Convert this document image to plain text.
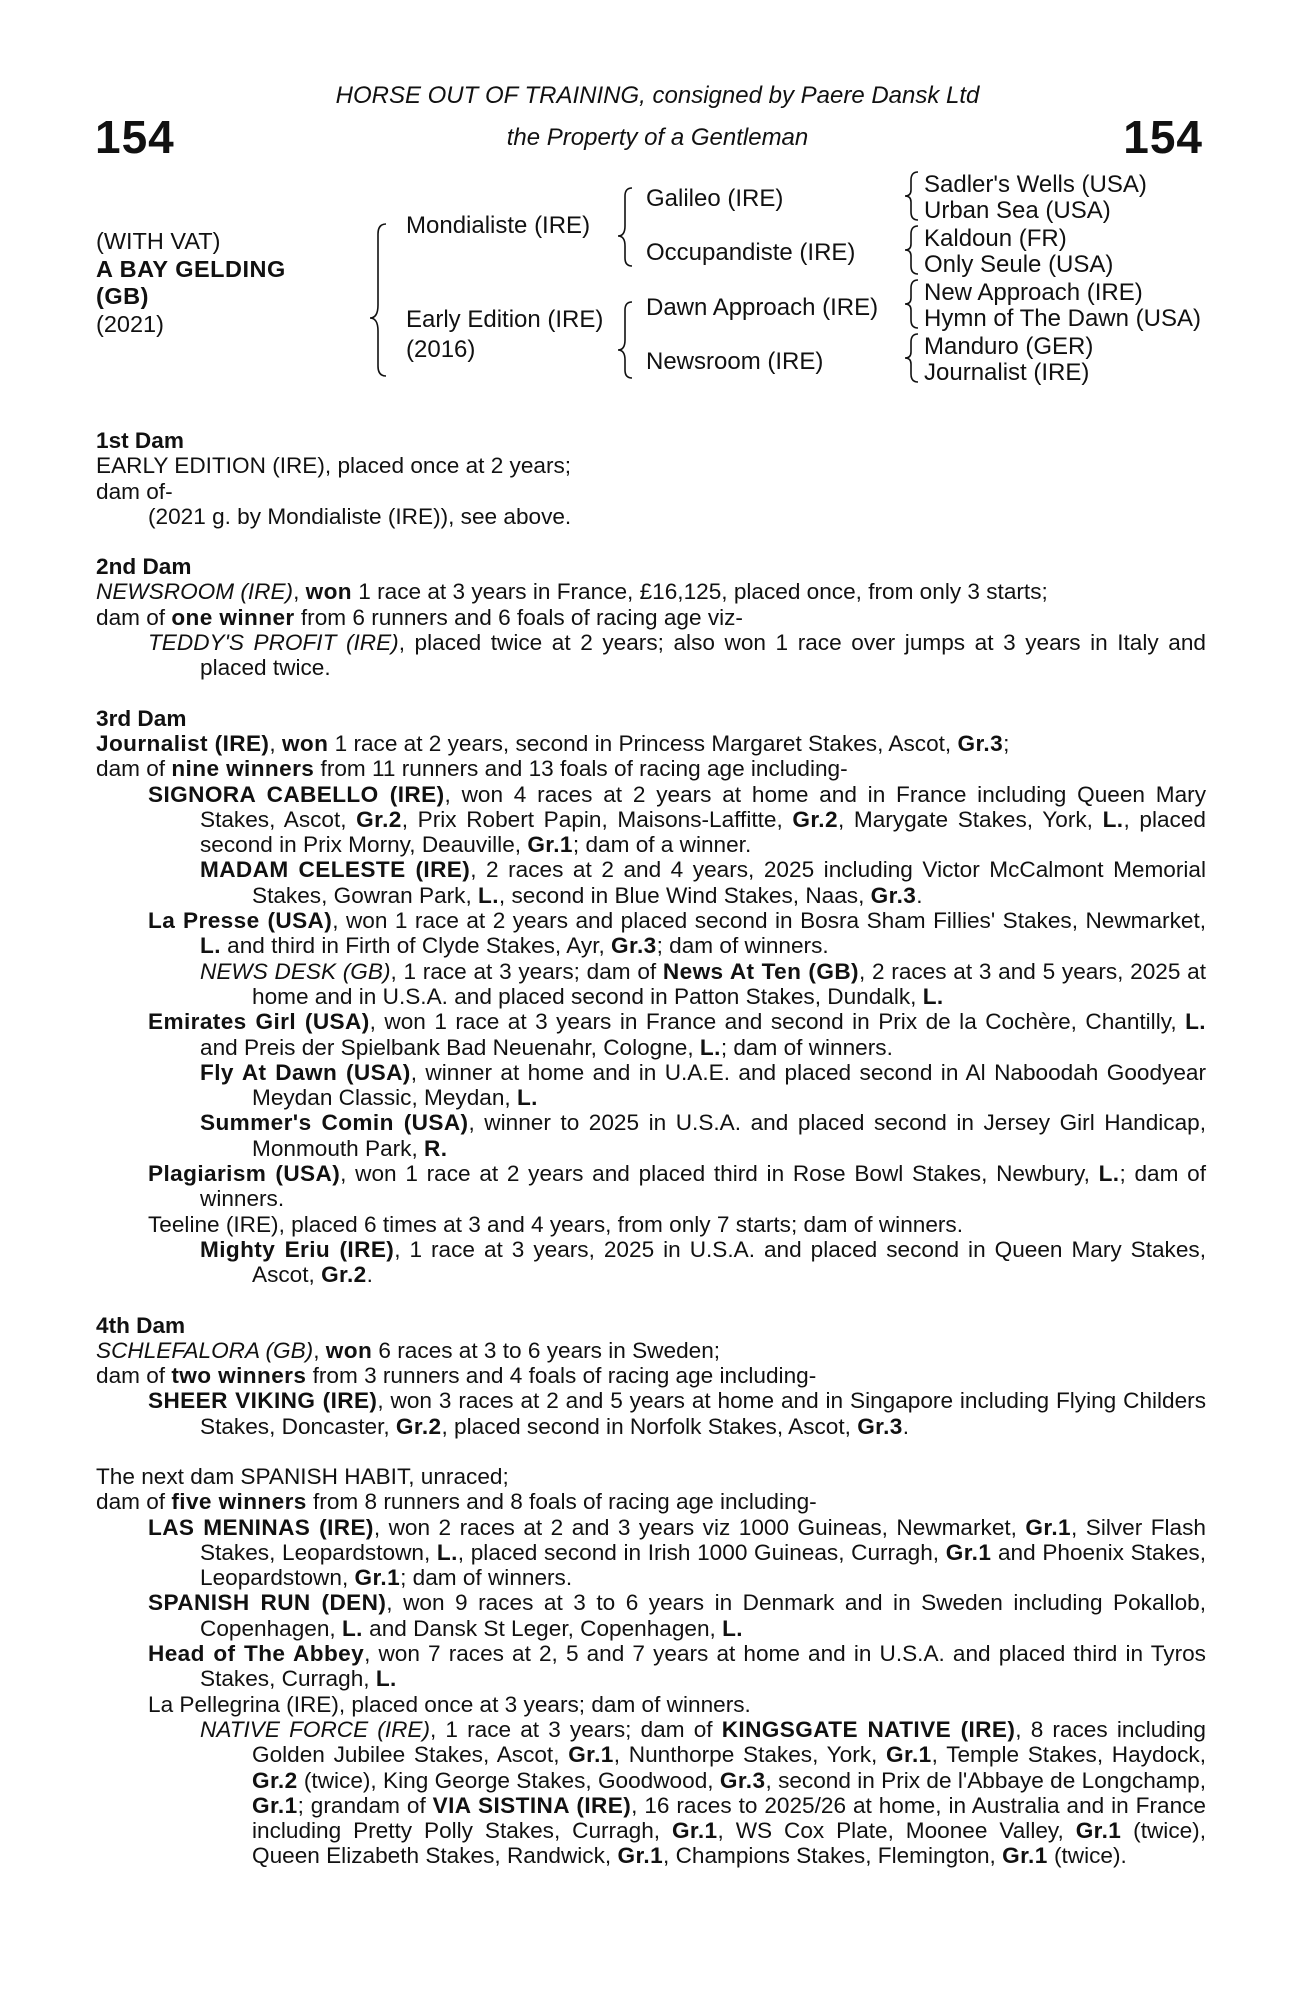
154	154
HORSE OUT OF TRAINING, consigned by Paere Dansk Ltd
the Property of a Gentleman
(WITH VAT)
A BAY GELDING
(GB)
(2021)
Mondialiste (IRE)
Early Edition (IRE)
(2016)
Galileo (IRE)
Occupandiste (IRE)
Dawn Approach (IRE)
Newsroom (IRE)
Sadler's Wells (USA)
Urban Sea (USA)
Kaldoun (FR)
Only Seule (USA)
New Approach (IRE)
Hymn of The Dawn (USA)
Manduro (GER)
Journalist (IRE)

1st Dam

EARLY EDITION (IRE), placed once at 2 years;

dam of-

(2021 g. by Mondialiste (IRE)), see above.

2nd Dam

NEWSROOM (IRE), won 1 race at 3 years in France, £16,125, placed once, from only 3 starts;

dam of one winner from 6 runners and 6 foals of racing age viz-

TEDDY'S PROFIT (IRE), placed twice at 2 years; also won 1 race over jumps at 3 years in Italy and placed twice.

3rd Dam

Journalist (IRE), won 1 race at 2 years, second in Princess Margaret Stakes, Ascot, Gr.3;

dam of nine winners from 11 runners and 13 foals of racing age including-

SIGNORA CABELLO (IRE), won 4 races at 2 years at home and in France including Queen Mary Stakes, Ascot, Gr.2, Prix Robert Papin, Maisons-Laffitte, Gr.2, Marygate Stakes, York, L., placed second in Prix Morny, Deauville, Gr.1; dam of a winner.

MADAM CELESTE (IRE), 2 races at 2 and 4 years, 2025 including Victor McCalmont Memorial Stakes, Gowran Park, L., second in Blue Wind Stakes, Naas, Gr.3.

La Presse (USA), won 1 race at 2 years and placed second in Bosra Sham Fillies' Stakes, Newmarket, L. and third in Firth of Clyde Stakes, Ayr, Gr.3; dam of winners.

NEWS DESK (GB), 1 race at 3 years; dam of News At Ten (GB), 2 races at 3 and 5 years, 2025 at home and in U.S.A. and placed second in Patton Stakes, Dundalk, L.

Emirates Girl (USA), won 1 race at 3 years in France and second in Prix de la Cochère, Chantilly, L. and Preis der Spielbank Bad Neuenahr, Cologne, L.; dam of winners.

Fly At Dawn (USA), winner at home and in U.A.E. and placed second in Al Naboodah Goodyear Meydan Classic, Meydan, L.

Summer's Comin (USA), winner to 2025 in U.S.A. and placed second in Jersey Girl Handicap, Monmouth Park, R.

Plagiarism (USA), won 1 race at 2 years and placed third in Rose Bowl Stakes, Newbury, L.; dam of winners.

Teeline (IRE), placed 6 times at 3 and 4 years, from only 7 starts; dam of winners.

Mighty Eriu (IRE), 1 race at 3 years, 2025 in U.S.A. and placed second in Queen Mary Stakes, Ascot, Gr.2.

4th Dam

SCHLEFALORA (GB), won 6 races at 3 to 6 years in Sweden;

dam of two winners from 3 runners and 4 foals of racing age including-

SHEER VIKING (IRE), won 3 races at 2 and 5 years at home and in Singapore including Flying Childers Stakes, Doncaster, Gr.2, placed second in Norfolk Stakes, Ascot, Gr.3.

The next dam SPANISH HABIT, unraced;

dam of five winners from 8 runners and 8 foals of racing age including-

LAS MENINAS (IRE), won 2 races at 2 and 3 years viz 1000 Guineas, Newmarket, Gr.1, Silver Flash Stakes, Leopardstown, L., placed second in Irish 1000 Guineas, Curragh, Gr.1 and Phoenix Stakes, Leopardstown, Gr.1; dam of winners.

SPANISH RUN (DEN), won 9 races at 3 to 6 years in Denmark and in Sweden including Pokallob, Copenhagen, L. and Dansk St Leger, Copenhagen, L.

Head of The Abbey, won 7 races at 2, 5 and 7 years at home and in U.S.A. and placed third in Tyros Stakes, Curragh, L.

La Pellegrina (IRE), placed once at 3 years; dam of winners.

NATIVE FORCE (IRE), 1 race at 3 years; dam of KINGSGATE NATIVE (IRE), 8 races including Golden Jubilee Stakes, Ascot, Gr.1, Nunthorpe Stakes, York, Gr.1, Temple Stakes, Haydock, Gr.2 (twice), King George Stakes, Goodwood, Gr.3, second in Prix de l'Abbaye de Longchamp, Gr.1; grandam of VIA SISTINA (IRE), 16 races to 2025/26 at home, in Australia and in France including Pretty Polly Stakes, Curragh, Gr.1, WS Cox Plate, Moonee Valley, Gr.1 (twice), Queen Elizabeth Stakes, Randwick, Gr.1, Champions Stakes, Flemington, Gr.1 (twice).
